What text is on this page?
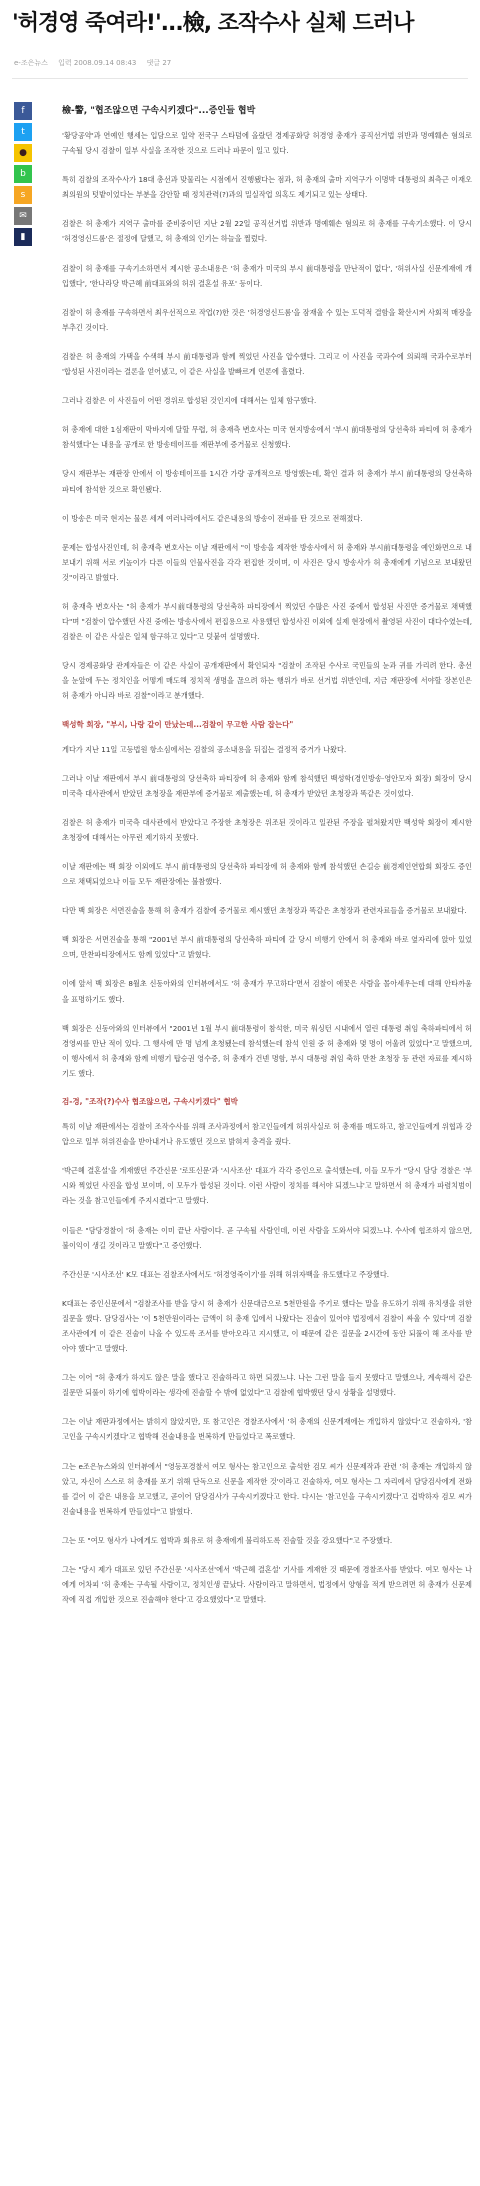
'허경영 죽여라!'...檢, 조작수사 실체 드러나
e-조은뉴스 입력 2008.09.14 08:43 댓글 27
f
t
●
b
s
✉
▮
檢-警, "협조않으면 구속시키겠다"...증인들 협박

'황당공약'과 연예인 행세는 입담으로 일약 전국구 스타덤에 올랐던 경제공화당 허경영 총재가 공직선거법 위반과 명예훼손 혐의로 구속될 당시 검찰이 일부 사실을 조작한 것으로 드러나 파문이 일고 있다.

특히 검찰의 조작수사가 18대 총선과 맞물리는 시점에서 진행됐다는 점과, 허 총재의 출마 지역구가 이명박 대통령의 최측근 이재오 최의원의 텃밭이었다는 부분을 감안할 때 정치관력(?)과의 밀실작업 의혹도 제기되고 있는 상태다.

검찰은 허 총재가 지역구 출마를 준비중이던 지난 2월 22일 공직선거법 위반과 명예훼손 혐의로 허 총재를 구속기소했다. 이 당시 '허경영신드롬'은 절정에 달했고, 허 총재의 인기는 하늘을 찔렀다.

검찰이 허 총재를 구속기소하면서 제시한 공소내용은 '허 총재가 미국의 부시 前대통령을 만난적이 없다', '허위사실 신문게재에 개입했다', '한나라당 박근혜 前대표와의 허위 결혼설 유포' 등이다.

검찰이 허 총재를 구속하면서 최우선적으로 작업(?)한 것은 '허경영신드롬'을 잠재울 수 있는 도덕적 결함을 확산시켜 사회적 매장을 부추긴 것이다.

검찰은 허 총재의 가택을 수색해 부시 前대통령과 함께 찍었던 사진을 압수했다. 그리고 이 사진을 국과수에 의뢰해 국과수로부터 '합성된 사진이라는 결론을 얻어냈고, 이 같은 사실을 발빠르게 언론에 흘렸다.

그러나 검찰은 이 사진들이 어떤 경위로 합성된 것인지에 대해서는 일체 함구했다.

허 총재에 대한 1심재판이 막바지에 달할 무렵, 허 총재측 변호사는 미국 현지방송에서 '부시 前대통령의 당선축하 파티에 허 총재가 참석했다'는 내용을 공개로 한 방송테이프를 재판부에 증거물로 신청했다.

당시 재판부는 재판장 안에서 이 방송테이프를 1시간 가량 공개적으로 방영했는데, 확인 결과 허 총재가 부시 前대통령의 당선축하 파티에 참석한 것으로 확인됐다.

이 방송은 미국 현지는 물론 세계 여러나라에서도 같은내용의 방송이 전파를 탄 것으로 전해졌다.

문제는 합성사진인데, 허 총재측 변호사는 이날 재판에서 "이 방송을 제작한 방송사에서 허 총재와 부시前대통령을 예인화면으로 내보내기 위해 서로 키높이가 다른 이들의 인물사진을 각각 편집한 것이며, 이 사진은 당시 방송사가 허 총재에게 기념으로 보내왔던 것"이라고 밝혔다.

허 총재측 변호사는 "허 총재가 부시前대통령의 당선축하 파티장에서 찍었던 수많은 사진 중에서 합성된 사진만 증거물로 채택했다"며 "검찰이 압수했던 사진 중에는 방송사에서 편집용으로 사용했던 합성사진 이외에 실제 현장에서 촬영된 사진이 대다수였는데, 검찰은 이 같은 사실은 일체 함구하고 있다"고 덧붙여 설명했다.

당시 경제공화당 관계자들은 이 같은 사실이 공개재판에서 확인되자 "검찰이 조작된 수사로 국민들의 눈과 귀를 가리려 한다. 총선을 눈앞에 두는 정치인을 어떻게 매도해 정치적 생명을 끊으려 하는 행위가 바로 선거법 위반인데, 지금 재판장에 서야할 장본인은 허 총재가 아니라 바로 검찰"이라고 분개했다.

백성학 회장, "부시, 나랑 같이 만났는데...검찰이 무고한 사람 잡는다"

게다가 지난 11일 고등법원 항소심에서는 검찰의 공소내용을 뒤집는 결정적 증거가 나왔다.

그러나 이날 재판에서 부시 前대통령의 당선축하 파티장에 허 총재와 함께 참석했던 백성학(경인방송·영안모자 회장) 회장이 당시 미국측 대사관에서 받았던 초청장을 재판부에 증거물로 제출했는데, 허 총재가 받았던 초청장과 똑같은 것이었다.

검찰은 허 총재가 미국측 대사관에서 받았다고 주장한 초청장은 위조된 것이라고 일관된 주장을 펼쳐왔지만 백성학 회장이 제시한 초청장에 대해서는 아무런 제기하지 못했다.

이날 재판에는 백 회장 이외에도 부시 前대통령의 당선축하 파티장에 허 총재와 함께 참석했던 손길승 前경제인연합회 회장도 증인으로 채택되었으나 이들 모두 재판장에는 불참했다.

다만 백 회장은 서면진술을 통해 허 총재가 검찰에 증거물로 제시했던 초청장과 똑같은 초청장과 관련자료들을 증거물로 보내왔다.

백 회장은 서면진술을 통해 "2001년 부시 前대통령의 당선축하 파티에 갈 당시 비행기 안에서 허 총재와 바로 옆자리에 앉아 있었으며, 만찬파티장에서도 함께 있었다"고 밝혔다.

이에 앞서 백 회장은 8월초 신동아와의 인터뷰에서도 '허 총재가 무고하다'면서 검찰이 애꿎은 사람을 몰아세우는데 대해 안타까움을 표명하기도 했다.

백 회장은 신동아와의 인터뷰에서 "2001년 1월 부시 前대통령이 참석한, 미국 워싱턴 시내에서 열린 대통령 취임 축하파티에서 허경영씨를 만난 적이 있다. 그 행사에 만 명 넘게 초청됐는데 참석했는데 참석 인원 중 허 총재와 몇 명이 어울려 있었다"고 말했으며, 이 행사에서 허 총재와 함께 비행기 탑승권 영수증, 허 총재가 건넨 명함, 부시 대통령 취임 축하 만찬 초청장 등 관련 자료를 제시하기도 했다.

검-경, "조작(?)수사 협조않으면, 구속시키겠다" 협박

특히 이날 재판에서는 검찰이 조작수사를 위해 조사과정에서 참고인들에게 허위사실로 허 총재를 매도하고, 참고인들에게 위협과 강압으로 일부 허위진술을 받아내거나 유도했던 것으로 밝혀져 충격을 줬다.

'박근혜 결혼설'을 게재했던 주간신문 '로또신문'과 '시사조선' 대표가 각각 증인으로 출석했는데, 이들 모두가 "당시 담당 경찰은 '부시와 찍었던 사진을 합성 보이며, 이 모두가 합성된 것이다. 이런 사람이 정치를 해서야 되겠느냐'고 말하면서 허 총재가 파렴치범이라는 것을 참고인들에게 주지시켰다"고 말했다.

이들은 "담당경찰이 '허 총재는 이미 끝난 사람이다. 곧 구속될 사람인데, 이런 사람을 도와서야 되겠느냐. 수사에 협조하지 않으면, 불이익이 생길 것이라고 말했다"고 증언했다.

주간신문 '시사조선' K모 대표는 검찰조사에서도 '허경영죽이기'를 위해 허위자백을 유도했다고 주장했다.

K대표는 증인신문에서 "검찰조사를 받을 당시 허 총재가 신문대금으로 5천만원을 주기로 했다는 말을 유도하기 위해 유치생을 위한 질문을 했다. 담당검사는 '이 5천만원이라는 금액이 허 총재 입에서 나왔다는 진술이 있어야 법정에서 검찰이 싸울 수 있다'며 검찰조사관에게 이 같은 진술이 나올 수 있도록 조서를 받아오라고 지시했고, 이 때문에 같은 질문을 2시간에 동안 되풀이 해 조사를 받아야 했다"고 말했다.

그는 이어 "허 총재가 하지도 않은 말을 했다고 진술하라고 하면 되겠느냐. 나는 그런 말을 들지 못했다고 말했으나, 계속해서 같은 질문만 되풀이 하기에 협박이라는 생각에 진술할 수 밖에 없었다"고 검찰에 협박했던 당시 상황을 설명했다.

그는 이날 재판과정에서는 밝히지 않았지만, 또 참고인은 경찰조사에서 '허 총재의 신문게재에는 개입하지 않았다'고 진술하자, '참고인을 구속시키겠다'고 협박해 진술내용을 번복하게 만들었다고 폭로했다.

그는 e조은뉴스와의 인터뷰에서 "영등포경찰서 여모 형사는 참고인으로 출석한 검모 씨가 신문제작과 관련 '허 총재는 개입하지 않았고, 자신이 스스로 허 총재를 포기 위해 단독으로 신문을 제작한 것'이라고 진술하자, 여모 형사는 그 자리에서 담당검사에게 전화를 걸어 이 같은 내용을 보고했고, 곧이어 담당검사가 구속시키겠다고 한다. 다시는 '참고인을 구속시키겠다'고 겁박하자 검모 씨가 진술내용을 번복하게 만들었다"고 밝혔다.

그는 또 "여모 형사가 나에게도 협박과 회유로 허 총재에게 불리하도록 진술할 것을 강요했다"고 주장했다.

그는 "당시 제가 대표로 있던 주간신문 '시사조선'에서 '박근혜 결혼설' 기사를 게재한 것 때문에 경찰조사를 받았다. 여모 형사는 나에게 어차피 '허 총재는 구속될 사람이고, 정치인생 끝났다. 사람이라고 말하면서, 법정에서 양형을 적게 받으려면 허 총재가 신문제작에 직접 개입한 것으로 진술해야 한다'고 강요했었다"고 말했다.
